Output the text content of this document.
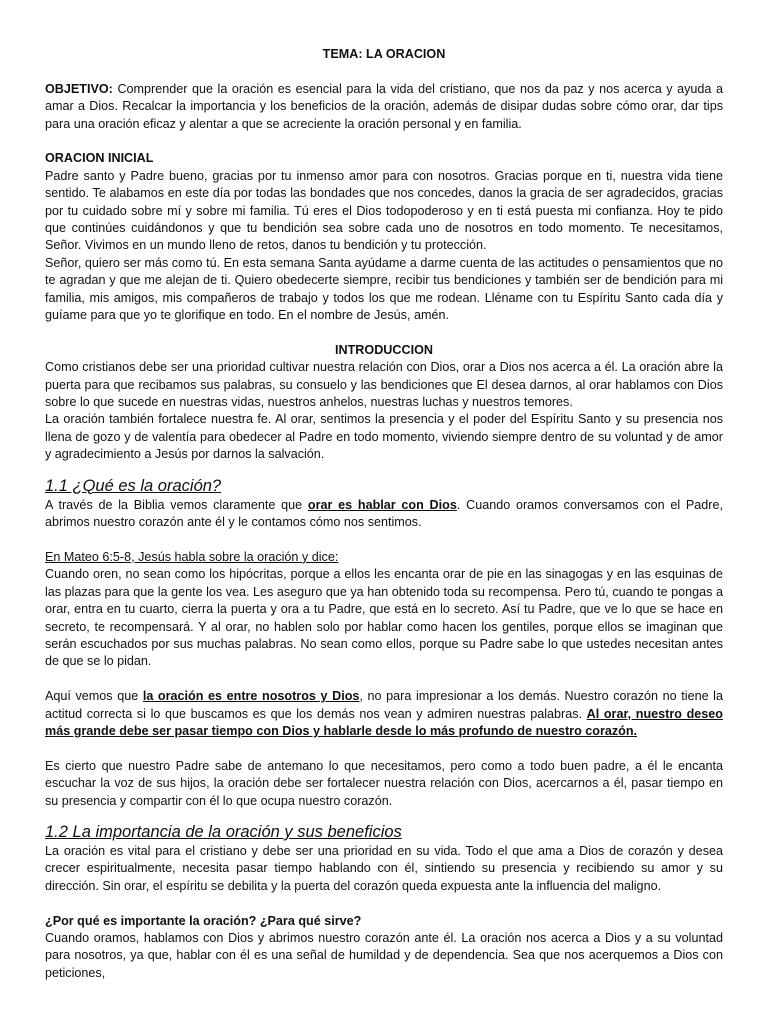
TEMA: LA ORACION

OBJETIVO: Comprender que la oración es esencial para la vida del cristiano, que nos da paz y nos acerca y ayuda a amar a Dios. Recalcar la importancia y los beneficios de la oración, además de disipar dudas sobre cómo orar, dar tips para una oración eficaz y alentar a que se acreciente la oración personal y en familia.

ORACION INICIAL

Padre santo y Padre bueno, gracias por tu inmenso amor para con nosotros. Gracias porque en ti, nuestra vida tiene sentido. Te alabamos en este día por todas las bondades que nos concedes, danos la gracia de ser agradecidos, gracias por tu cuidado sobre mí y sobre mi familia. Tú eres el Dios todopoderoso y en ti está puesta mi confianza. Hoy te pido que continúes cuidándonos y que tu bendición sea sobre cada uno de nosotros en todo momento. Te necesitamos, Señor. Vivimos en un mundo lleno de retos, danos tu bendición y tu protección.

Señor, quiero ser más como tú. En esta semana Santa ayúdame a darme cuenta de las actitudes o pensamientos que no te agradan y que me alejan de ti. Quiero obedecerte siempre, recibir tus bendiciones y también ser de bendición para mi familia, mis amigos, mis compañeros de trabajo y todos los que me rodean. Lléname con tu Espíritu Santo cada día y guíame para que yo te glorifique en todo. En el nombre de Jesús, amén.

INTRODUCCION

Como cristianos debe ser una prioridad cultivar nuestra relación con Dios, orar a Dios nos acerca a él. La oración abre la puerta para que recibamos sus palabras, su consuelo y las bendiciones que El desea darnos, al orar hablamos con Dios sobre lo que sucede en nuestras vidas, nuestros anhelos, nuestras luchas y nuestros temores.

La oración también fortalece nuestra fe. Al orar, sentimos la presencia y el poder del Espíritu Santo y su presencia nos llena de gozo y de valentía para obedecer al Padre en todo momento, viviendo siempre dentro de su voluntad y de amor y agradecimiento a Jesús por darnos la salvación.

1.1 ¿Qué es la oración?

A través de la Biblia vemos claramente que orar es hablar con Dios. Cuando oramos conversamos con el Padre, abrimos nuestro corazón ante él y le contamos cómo nos sentimos.

En Mateo 6:5-8, Jesús habla sobre la oración y dice:

Cuando oren, no sean como los hipócritas, porque a ellos les encanta orar de pie en las sinagogas y en las esquinas de las plazas para que la gente los vea. Les aseguro que ya han obtenido toda su recompensa. Pero tú, cuando te pongas a orar, entra en tu cuarto, cierra la puerta y ora a tu Padre, que está en lo secreto. Así tu Padre, que ve lo que se hace en secreto, te recompensará. Y al orar, no hablen solo por hablar como hacen los gentiles, porque ellos se imaginan que serán escuchados por sus muchas palabras. No sean como ellos, porque su Padre sabe lo que ustedes necesitan antes de que se lo pidan.

Aquí vemos que la oración es entre nosotros y Dios, no para impresionar a los demás. Nuestro corazón no tiene la actitud correcta si lo que buscamos es que los demás nos vean y admiren nuestras palabras. Al orar, nuestro deseo más grande debe ser pasar tiempo con Dios y hablarle desde lo más profundo de nuestro corazón.

Es cierto que nuestro Padre sabe de antemano lo que necesitamos, pero como a todo buen padre, a él le encanta escuchar la voz de sus hijos, la oración debe ser fortalecer nuestra relación con Dios, acercarnos a él, pasar tiempo en su presencia y compartir con él lo que ocupa nuestro corazón.

1.2 La importancia de la oración y sus beneficios

La oración es vital para el cristiano y debe ser una prioridad en su vida. Todo el que ama a Dios de corazón y desea crecer espiritualmente, necesita pasar tiempo hablando con él, sintiendo su presencia y recibiendo su amor y su dirección. Sin orar, el espíritu se debilita y la puerta del corazón queda expuesta ante la influencia del maligno.

¿Por qué es importante la oración? ¿Para qué sirve?

Cuando oramos, hablamos con Dios y abrimos nuestro corazón ante él. La oración nos acerca a Dios y a su voluntad para nosotros, ya que, hablar con él es una señal de humildad y de dependencia. Sea que nos acerquemos a Dios con peticiones,
